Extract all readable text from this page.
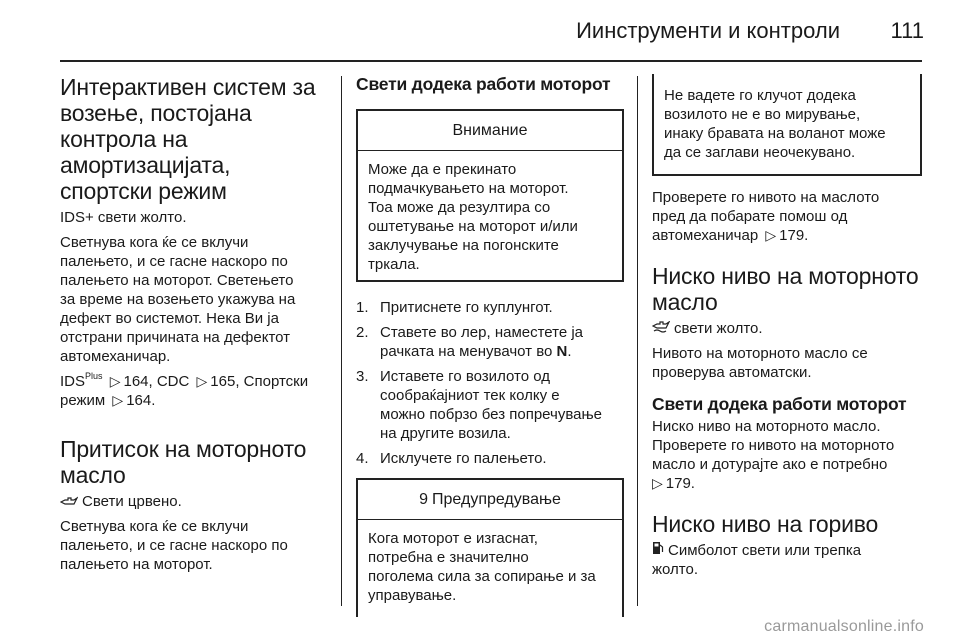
Иинструменти и контроли	111
Интерактивен систем за
возење, постојана
контрола на
амортизацијата,
спортски режим

IDS+ свети жолто.

Светнува кога ќе се вклучи
палењето, и се гасне наскоро по
палењето на моторот. Светењето
за време на возењето укажува на
дефект во системот. Нека Ви ја
отстрани причината на дефектот
автомеханичар.

$IDS^{Plus}$ ▷ 164, CDC ▷ 165, Спортски
режим ▷ 164.

Притисок на моторното
масло

Свети црвено.

Светнува кога ќе се вклучи
палењето, и се гасне наскоро по
палењето на моторот.

Свети додека работи моторот
Внимание

Може да е прекинато
подмачкувањето на моторот.
Тоа може да резултира со
оштетување на моторот и/или
заклучување на погонските
тркала.

1. Притиснете го куплунгот.
2. Ставете во лер, наместете ја
рачката на менувачот во N.
3. Иставете го возилото од
сообраќајниот тек колку е
можно побрзо без попречување
на другите возила.
4. Исклучете го палењето.
9 Предупредување

Кога моторот е изгаснат,
потребна е значително
поголема сила за сопирање и за
управување.

Не вадете го клучот додека
возилото не е во мирување,
инаку бравата на воланот може
да се заглави неочекувано.

Проверете го нивото на маслото
пред да побарате помош од
автомеханичар ▷ 179.

Ниско ниво на моторното
масло

свети жолто.

Нивото на моторното масло се
проверува автоматски.

Свети додека работи моторот

Ниско ниво на моторното масло.
Проверете го нивото на моторното
масло и дотурајте ако е потребно
▷ 179.

Ниско ниво на гориво

Симболот свети или трепка
жолто.

carmanualsonline.info
